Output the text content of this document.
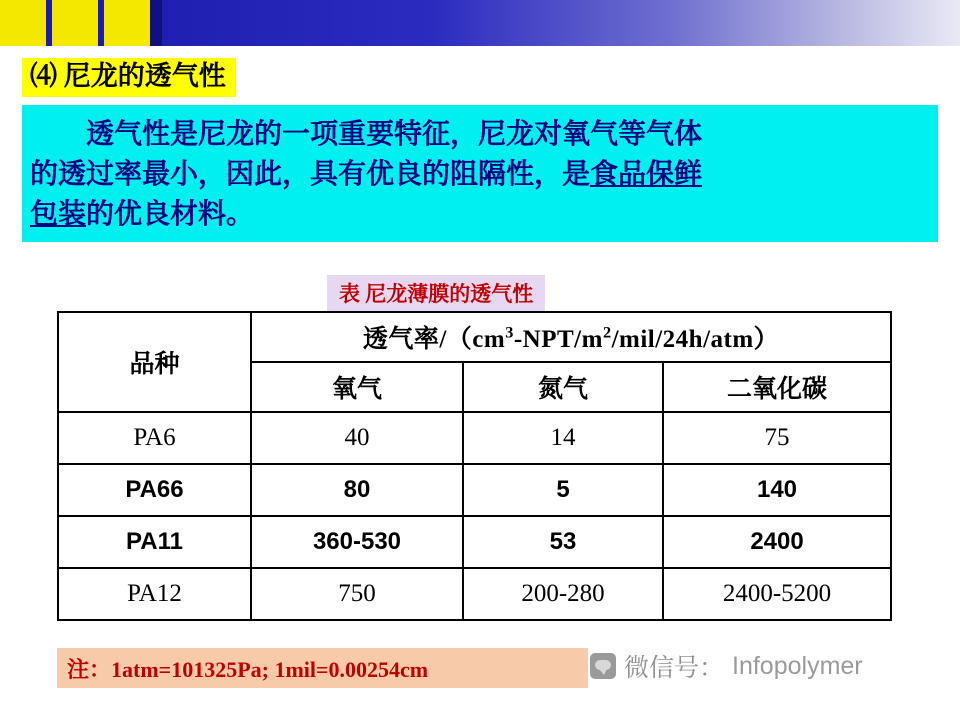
⑷ 尼龙的透气性
透气性是尼龙的一项重要特征，尼龙对氧气等气体
的透过率最小，因此，具有优良的阻隔性，是食品保鲜
包装的优良材料。
表 尼龙薄膜的透气性
品种	透气率$/(cm^3-NPT/m^2/mil/24h/atm)$		
	氧气	氮气	二氧化碳
PA6	40	14	75
PA66	80	5	140
PA11	360-530	53	2400
PA12	750	200-280	2400-5200
注：1atm=101325Pa; 1mil=0.00254cm	微信号： Infopolymer
